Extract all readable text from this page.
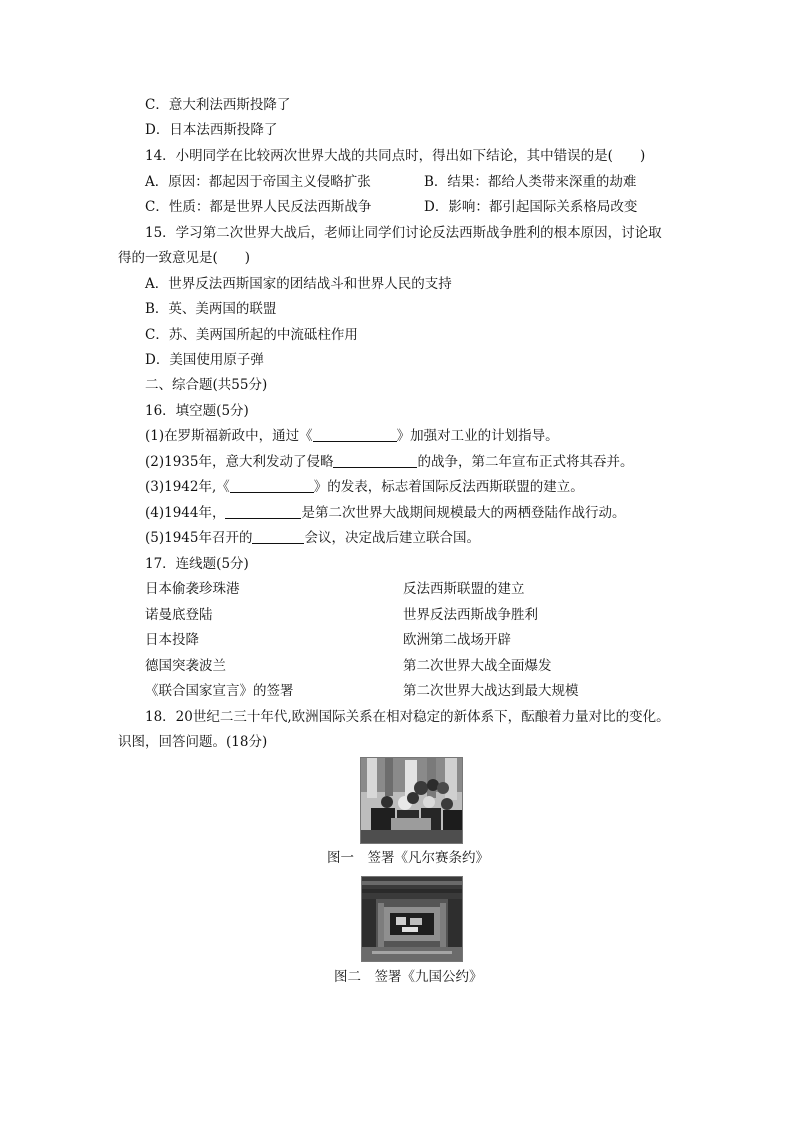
C．意大利法西斯投降了
D．日本法西斯投降了
14．小明同学在比较两次世界大战的共同点时，得出如下结论，其中错误的是(　　)
A．原因：都起因于帝国主义侵略扩张	B．结果：都给人类带来深重的劫难
C．性质：都是世界人民反法西斯战争	D．影响：都引起国际关系格局改变
15．学习第二次世界大战后，老师让同学们讨论反法西斯战争胜利的根本原因，讨论取
得的一致意见是(　　)
A．世界反法西斯国家的团结战斗和世界人民的支持
B．英、美两国的联盟
C．苏、美两国所起的中流砥柱作用
D．美国使用原子弹
二、综合题(共55分)
16．填空题(5分)
(1)在罗斯福新政中，通过《	》加强对工业的计划指导。
(2)1935年，意大利发动了侵略	的战争，第二年宣布正式将其吞并。
(3)1942年,《	》的发表，标志着国际反法西斯联盟的建立。
(4)1944年，	是第二次世界大战期间规模最大的两栖登陆作战行动。
(5)1945年召开的	会议，决定战后建立联合国。
17．连线题(5分)
日本偷袭珍珠港	反法西斯联盟的建立
诺曼底登陆	世界反法西斯战争胜利
日本投降	欧洲第二战场开辟
德国突袭波兰	第二次世界大战全面爆发
《联合国家宣言》的签署	第二次世界大战达到最大规模
18．20世纪二三十年代,欧洲国际关系在相对稳定的新体系下，酝酿着力量对比的变化。
识图，回答问题。(18分)
图一　签署《凡尔赛条约》
图二　签署《九国公约》
